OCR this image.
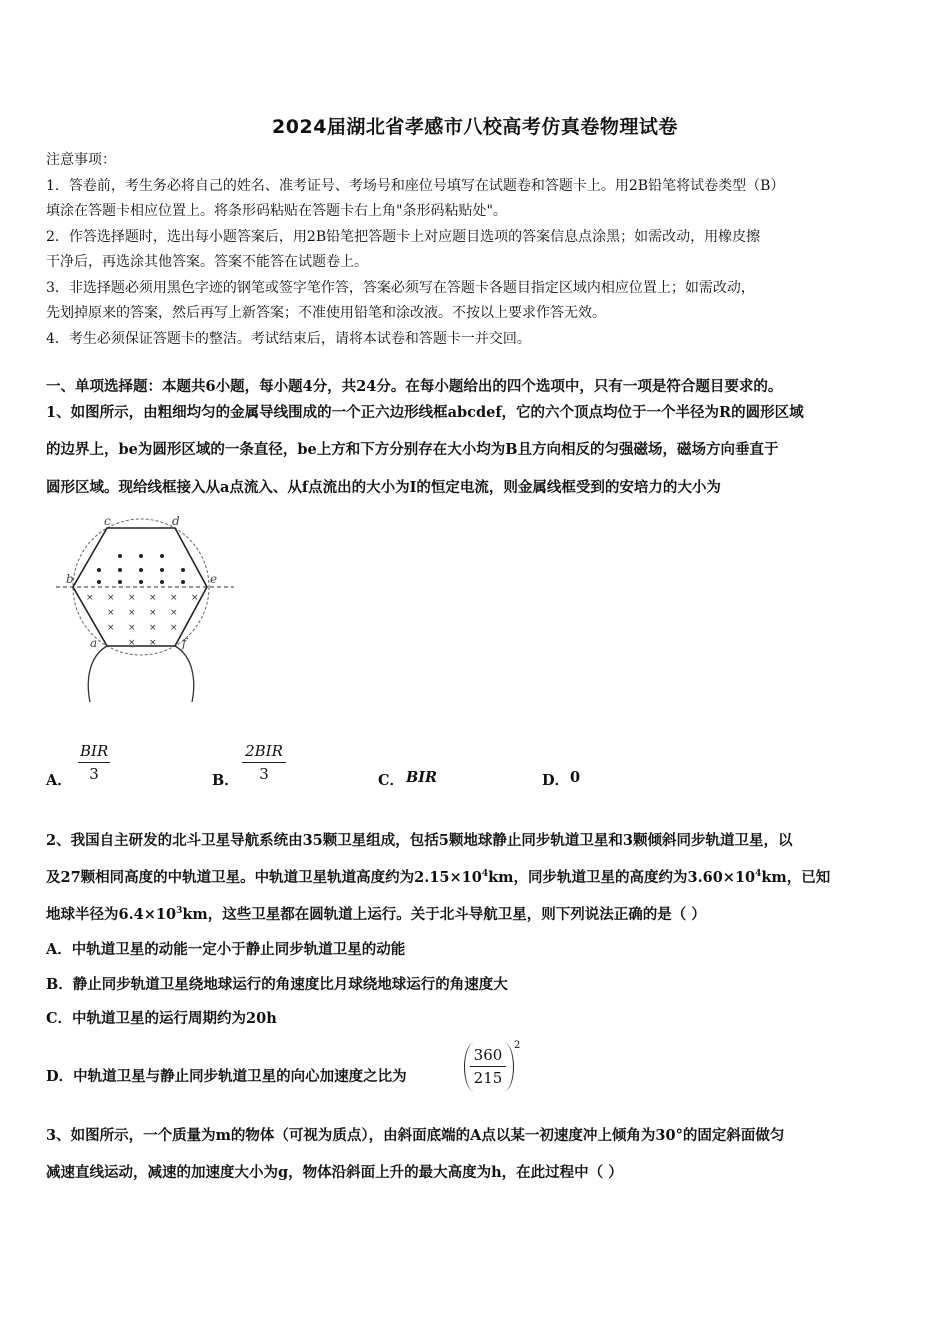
2024届湖北省孝感市八校高考仿真卷物理试卷
注意事项：
1．答卷前，考生务必将自己的姓名、准考证号、考场号和座位号填写在试题卷和答题卡上。用2B铅笔将试卷类型（B）
填涂在答题卡相应位置上。将条形码粘贴在答题卡右上角"条形码粘贴处"。
2．作答选择题时，选出每小题答案后，用2B铅笔把答题卡上对应题目选项的答案信息点涂黑；如需改动，用橡皮擦
干净后，再选涂其他答案。答案不能答在试题卷上。
3．非选择题必须用黑色字迹的钢笔或签字笔作答，答案必须写在答题卡各题目指定区域内相应位置上；如需改动，
先划掉原来的答案，然后再写上新答案；不准使用铅笔和涂改液。不按以上要求作答无效。
4．考生必须保证答题卡的整洁。考试结束后，请将本试卷和答题卡一并交回。
一、单项选择题：本题共6小题，每小题4分，共24分。在每小题给出的四个选项中，只有一项是符合题目要求的。
1、如图所示，由粗细均匀的金属导线围成的一个正六边形线框abcdef，它的六个顶点均位于一个半径为R的圆形区域
的边界上，be为圆形区域的一条直径，be上方和下方分别存在大小均为B且方向相反的匀强磁场，磁场方向垂直于
圆形区域。现给线框接入从a点流入、从f点流出的大小为I的恒定电流，则金属线框受到的安培力的大小为
× × × × × ×
× × × ×
× × × ×
× ×
c	d
b	e
a	f
A．
BIR
3	B．
2BIR
3	C． BIR	D． 0
2、我国自主研发的北斗卫星导航系统由35颗卫星组成，包括5颗地球静止同步轨道卫星和3颗倾斜同步轨道卫星，以
及27颗相同高度的中轨道卫星。中轨道卫星轨道高度约为$2.15\times 10^4km$，同步轨道卫星的高度约为$3.60\times 10^4km$，已知
地球半径为$6.4\times 10^3km$，这些卫星都在圆轨道上运行。关于北斗导航卫星，则下列说法正确的是（ ）
A．中轨道卫星的动能一定小于静止同步轨道卫星的动能
B．静止同步轨道卫星绕地球运行的角速度比月球绕地球运行的角速度大
C．中轨道卫星的运行周期约为20h
D．中轨道卫星与静止同步轨道卫星的向心加速度之比为	$\frac{360}{215}$
2
3、如图所示，一个质量为m的物体（可视为质点），由斜面底端的A点以某一初速度冲上倾角为30°的固定斜面做匀
减速直线运动，减速的加速度大小为g，物体沿斜面上升的最大高度为h，在此过程中（ ）
